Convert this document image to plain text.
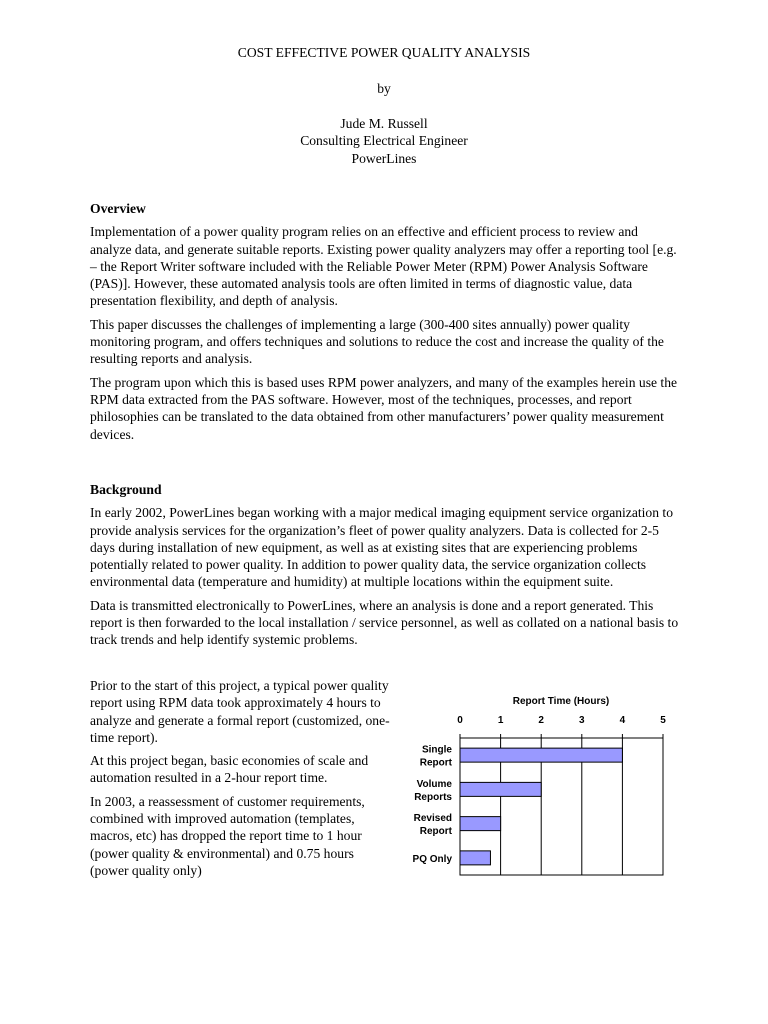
COST EFFECTIVE POWER QUALITY ANALYSIS
by
Jude M. Russell
Consulting Electrical Engineer
PowerLines
Overview

Implementation of a power quality program relies on an effective and efficient process to review and analyze data, and generate suitable reports. Existing power quality analyzers may offer a reporting tool [e.g. – the Report Writer software included with the Reliable Power Meter (RPM) Power Analysis Software (PAS)]. However, these automated analysis tools are often limited in terms of diagnostic value, data presentation flexibility, and depth of analysis.

This paper discusses the challenges of implementing a large (300-400 sites annually) power quality monitoring program, and offers techniques and solutions to reduce the cost and increase the quality of the resulting reports and analysis.

The program upon which this is based uses RPM power analyzers, and many of the examples herein use the RPM data extracted from the PAS software. However, most of the techniques, processes, and report philosophies can be translated to the data obtained from other manufacturers’ power quality measurement devices.

Background

In early 2002, PowerLines began working with a major medical imaging equipment service organization to provide analysis services for the organization’s fleet of power quality analyzers. Data is collected for 2-5 days during installation of new equipment, as well as at existing sites that are experiencing problems potentially related to power quality. In addition to power quality data, the service organization collects environmental data (temperature and humidity) at multiple locations within the equipment suite.

Data is transmitted electronically to PowerLines, where an analysis is done and a report generated. This report is then forwarded to the local installation / service personnel, as well as collated on a national basis to track trends and help identify systemic problems.

Prior to the start of this project, a typical power quality report using RPM data took approximately 4 hours to analyze and generate a formal report (customized, one-time report).

At this project began, basic economies of scale and automation resulted in a 2-hour report time.

In 2003, a reassessment of customer requirements, combined with improved automation (templates, macros, etc) has dropped the report time to 1 hour (power quality & environmental) and 0.75 hours (power quality only)

Report Time (Hours)
0	1	2	3	4	5
Single Report
Volume Reports
Revised Report
PQ Only
